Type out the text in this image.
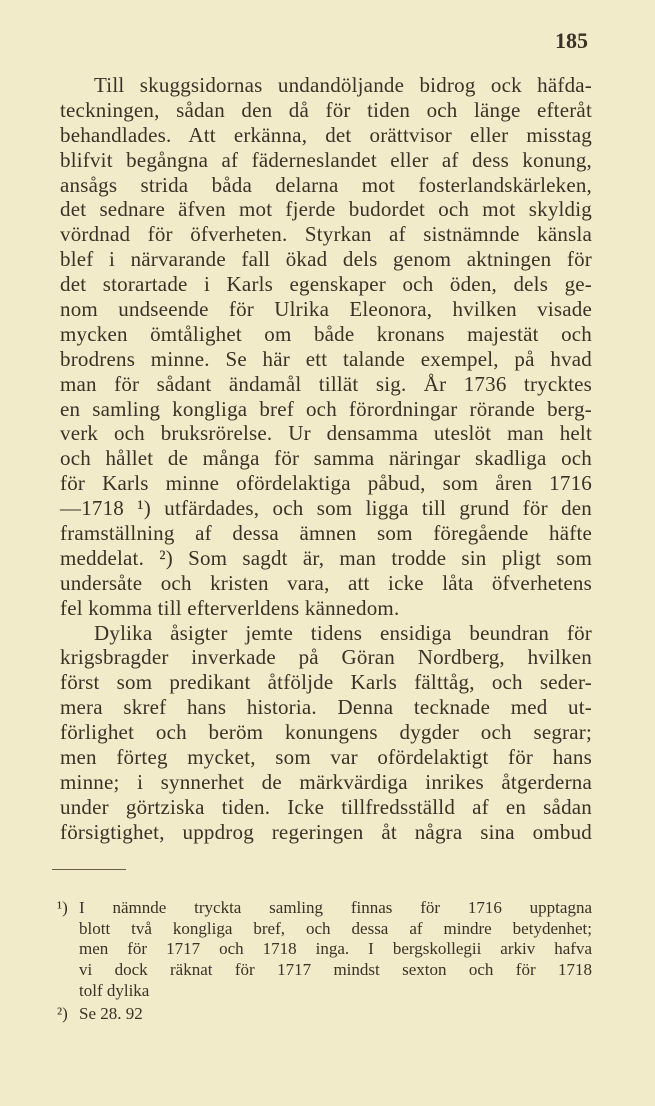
185
Till skuggsidornas undandöljande bidrog ock häfda-
teckningen, sådan den då för tiden och länge efteråt
behandlades. Att erkänna, det orättvisor eller misstag
blifvit begångna af fäderneslandet eller af dess konung,
ansågs strida båda delarna mot fosterlandskärleken,
det sednare äfven mot fjerde budordet och mot skyldig
vördnad för öfverheten. Styrkan af sistnämnde känsla
blef i närvarande fall ökad dels genom aktningen för
det storartade i Karls egenskaper och öden, dels ge-
nom undseende för Ulrika Eleonora, hvilken visade
mycken ömtålighet om både kronans majestät och
brodrens minne. Se här ett talande exempel, på hvad
man för sådant ändamål tillät sig. År 1736 trycktes
en samling kongliga bref och förordningar rörande berg-
verk och bruksrörelse. Ur densamma uteslöt man helt
och hållet de många för samma näringar skadliga och
för Karls minne ofördelaktiga påbud, som åren 1716
—1718 ¹) utfärdades, och som ligga till grund för den
framställning af dessa ämnen som föregående häfte
meddelat. ²) Som sagdt är, man trodde sin pligt som
undersåte och kristen vara, att icke låta öfverhetens
fel komma till efterverldens kännedom.
Dylika åsigter jemte tidens ensidiga beundran för
krigsbragder inverkade på Göran Nordberg, hvilken
först som predikant åtföljde Karls fälttåg, och seder-
mera skref hans historia. Denna tecknade med ut-
förlighet och beröm konungens dygder och segrar;
men förteg mycket, som var ofördelaktigt för hans
minne; i synnerhet de märkvärdiga inrikes åtgerderna
under görtziska tiden. Icke tillfredsställd af en sådan
försigtighet, uppdrog regeringen åt några sina ombud
¹) I nämnde tryckta samling finnas för 1716 upptagna
blott två kongliga bref, och dessa af mindre betydenhet;
men för 1717 och 1718 inga. I bergskollegii arkiv hafva
vi dock räknat för 1717 mindst sexton och för 1718
tolf dylika
²) Se 28. 92
